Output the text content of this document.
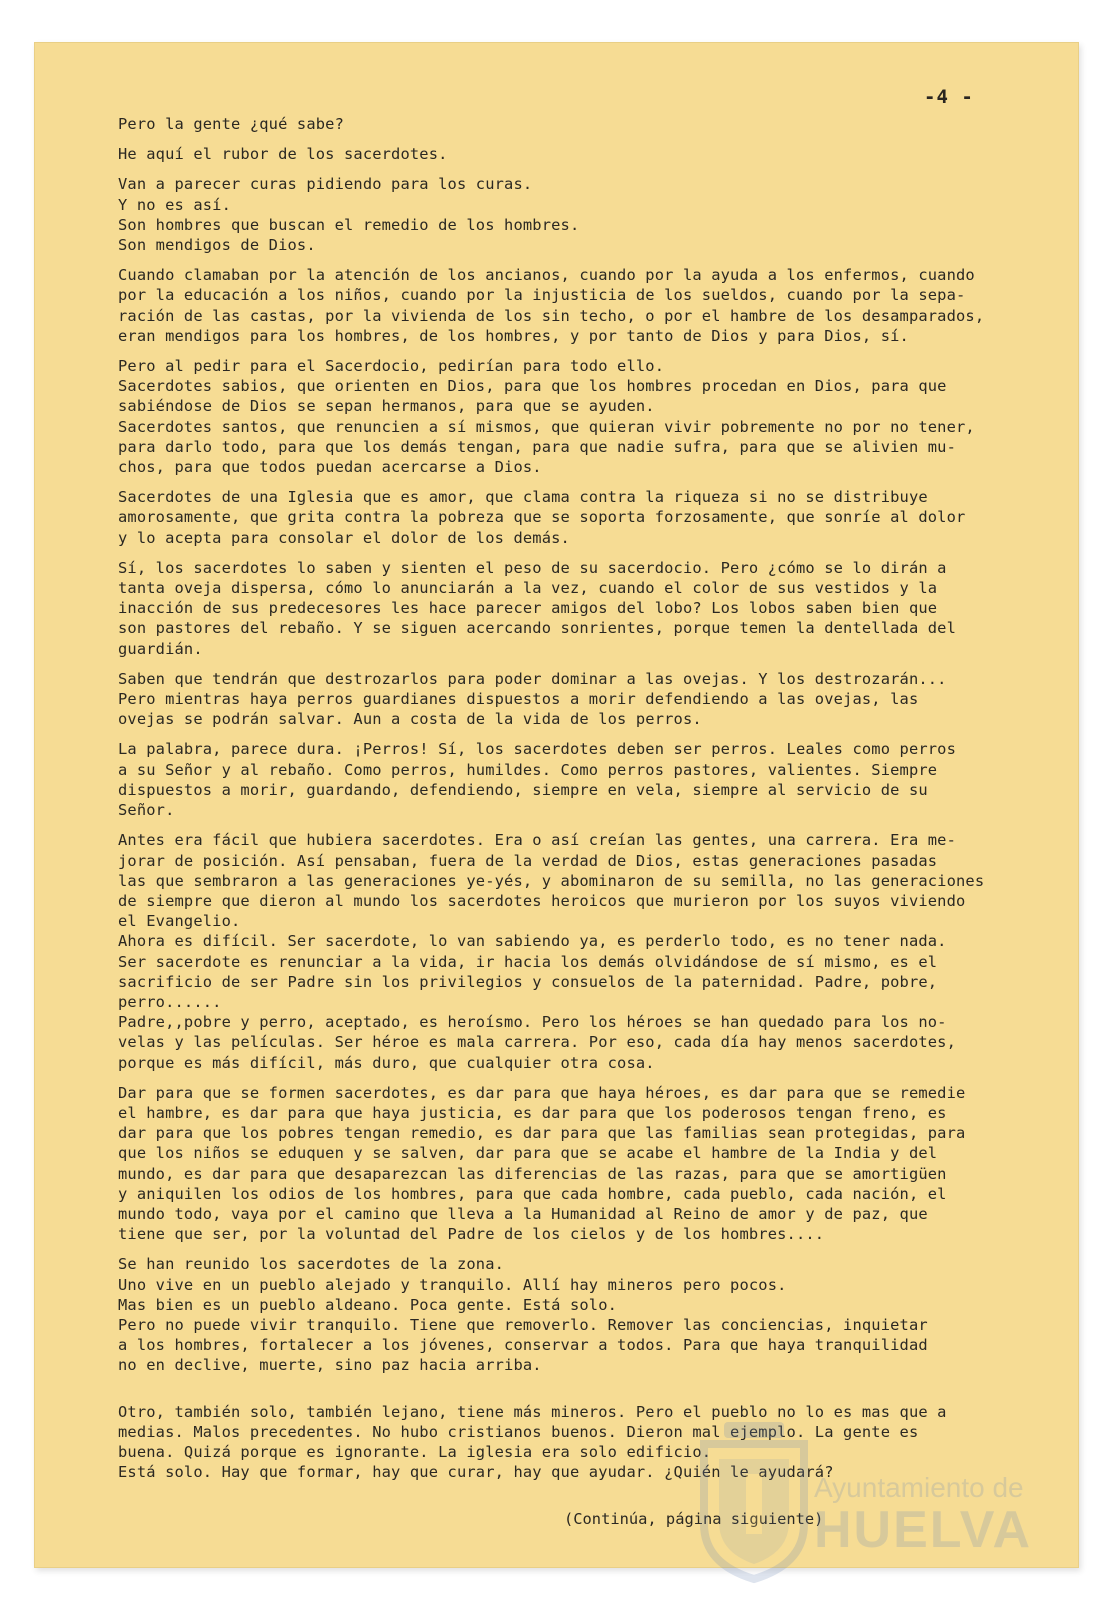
-4 -
Pero la gente ¿qué sabe?
He aquí el rubor de los sacerdotes.
Van a parecer curas pidiendo para los curas.
Y no es así.
Son hombres que buscan el remedio de los hombres.
Son mendigos de Dios.
Cuando clamaban por la atención de los ancianos, cuando por la ayuda a los enfermos, cuando
por la educación a los niños, cuando por la injusticia de los sueldos, cuando por la sepa-
ración de las castas, por la vivienda de los sin techo, o por el hambre de los desamparados,
eran mendigos para los hombres, de los hombres, y por tanto de Dios y para Dios, sí.
Pero al pedir para el Sacerdocio, pedirían para todo ello.
Sacerdotes sabios, que orienten en Dios, para que los hombres procedan en Dios, para que
sabiéndose de Dios se sepan hermanos, para que se ayuden.
Sacerdotes santos, que renuncien a sí mismos, que quieran vivir pobremente no por no tener,
para darlo todo, para que los demás tengan, para que nadie sufra, para que se alivien mu-
chos, para que todos puedan acercarse a Dios.
Sacerdotes de una Iglesia que es amor, que clama contra la riqueza si no se distribuye
amorosamente, que grita contra la pobreza que se soporta forzosamente, que sonríe al dolor
y lo acepta para consolar el dolor de los demás.
Sí, los sacerdotes lo saben y sienten el peso de su sacerdocio. Pero ¿cómo se lo dirán a
tanta oveja dispersa, cómo lo anunciarán a la vez, cuando el color de sus vestidos y la
inacción de sus predecesores les hace parecer amigos del lobo? Los lobos saben bien que
son pastores del rebaño. Y se siguen acercando sonrientes, porque temen la dentellada del
guardián.
Saben que tendrán que destrozarlos para poder dominar a las ovejas. Y los destrozarán...
Pero mientras haya perros guardianes dispuestos a morir defendiendo a las ovejas, las
ovejas se podrán salvar. Aun a costa de la vida de los perros.
La palabra, parece dura. ¡Perros! Sí, los sacerdotes deben ser perros. Leales como perros
a su Señor y al rebaño. Como perros, humildes. Como perros pastores, valientes. Siempre
dispuestos a morir, guardando, defendiendo, siempre en vela, siempre al servicio de su
Señor.
Antes era fácil que hubiera sacerdotes. Era o así creían las gentes, una carrera. Era me-
jorar de posición. Así pensaban, fuera de la verdad de Dios, estas generaciones pasadas
las que sembraron a las generaciones ye-yés, y abominaron de su semilla, no las generaciones
de siempre que dieron al mundo los sacerdotes heroicos que murieron por los suyos viviendo
el Evangelio.
Ahora es difícil. Ser sacerdote, lo van sabiendo ya, es perderlo todo, es no tener nada.
Ser sacerdote es renunciar a la vida, ir hacia los demás olvidándose de sí mismo, es el
sacrificio de ser Padre sin los privilegios y consuelos de la paternidad. Padre, pobre,
perro......
Padre,,pobre y perro, aceptado, es heroísmo. Pero los héroes se han quedado para los no-
velas y las películas. Ser héroe es mala carrera. Por eso, cada día hay menos sacerdotes,
porque es más difícil, más duro, que cualquier otra cosa.
Dar para que se formen sacerdotes, es dar para que haya héroes, es dar para que se remedie
el hambre, es dar para que haya justicia, es dar para que los poderosos tengan freno, es
dar para que los pobres tengan remedio, es dar para que las familias sean protegidas, para
que los niños se eduquen y se salven, dar para que se acabe el hambre de la India y del
mundo, es dar para que desaparezcan las diferencias de las razas, para que se amortigüen
y aniquilen los odios de los hombres, para que cada hombre, cada pueblo, cada nación, el
mundo todo, vaya por el camino que lleva a la Humanidad al Reino de amor y de paz, que
tiene que ser, por la voluntad del Padre de los cielos y de los hombres....
Se han reunido los sacerdotes de la zona.
Uno vive en un pueblo alejado y tranquilo. Allí hay mineros pero pocos.
Mas bien es un pueblo aldeano. Poca gente. Está solo.
Pero no puede vivir tranquilo. Tiene que removerlo. Remover las conciencias, inquietar
a los hombres, fortalecer a los jóvenes, conservar a todos. Para que haya tranquilidad
no en declive, muerte, sino paz hacia arriba.
Otro, también solo, también lejano, tiene más mineros. Pero el pueblo no lo es mas que a
medias. Malos precedentes. No hubo cristianos buenos. Dieron mal ejemplo. La gente es
buena. Quizá porque es ignorante. La iglesia era solo edificio.
Está solo. Hay que formar, hay que curar, hay que ayudar. ¿Quién le ayudará?
(Continúa, página siguiente)
Ayuntamiento de
HUELVA
